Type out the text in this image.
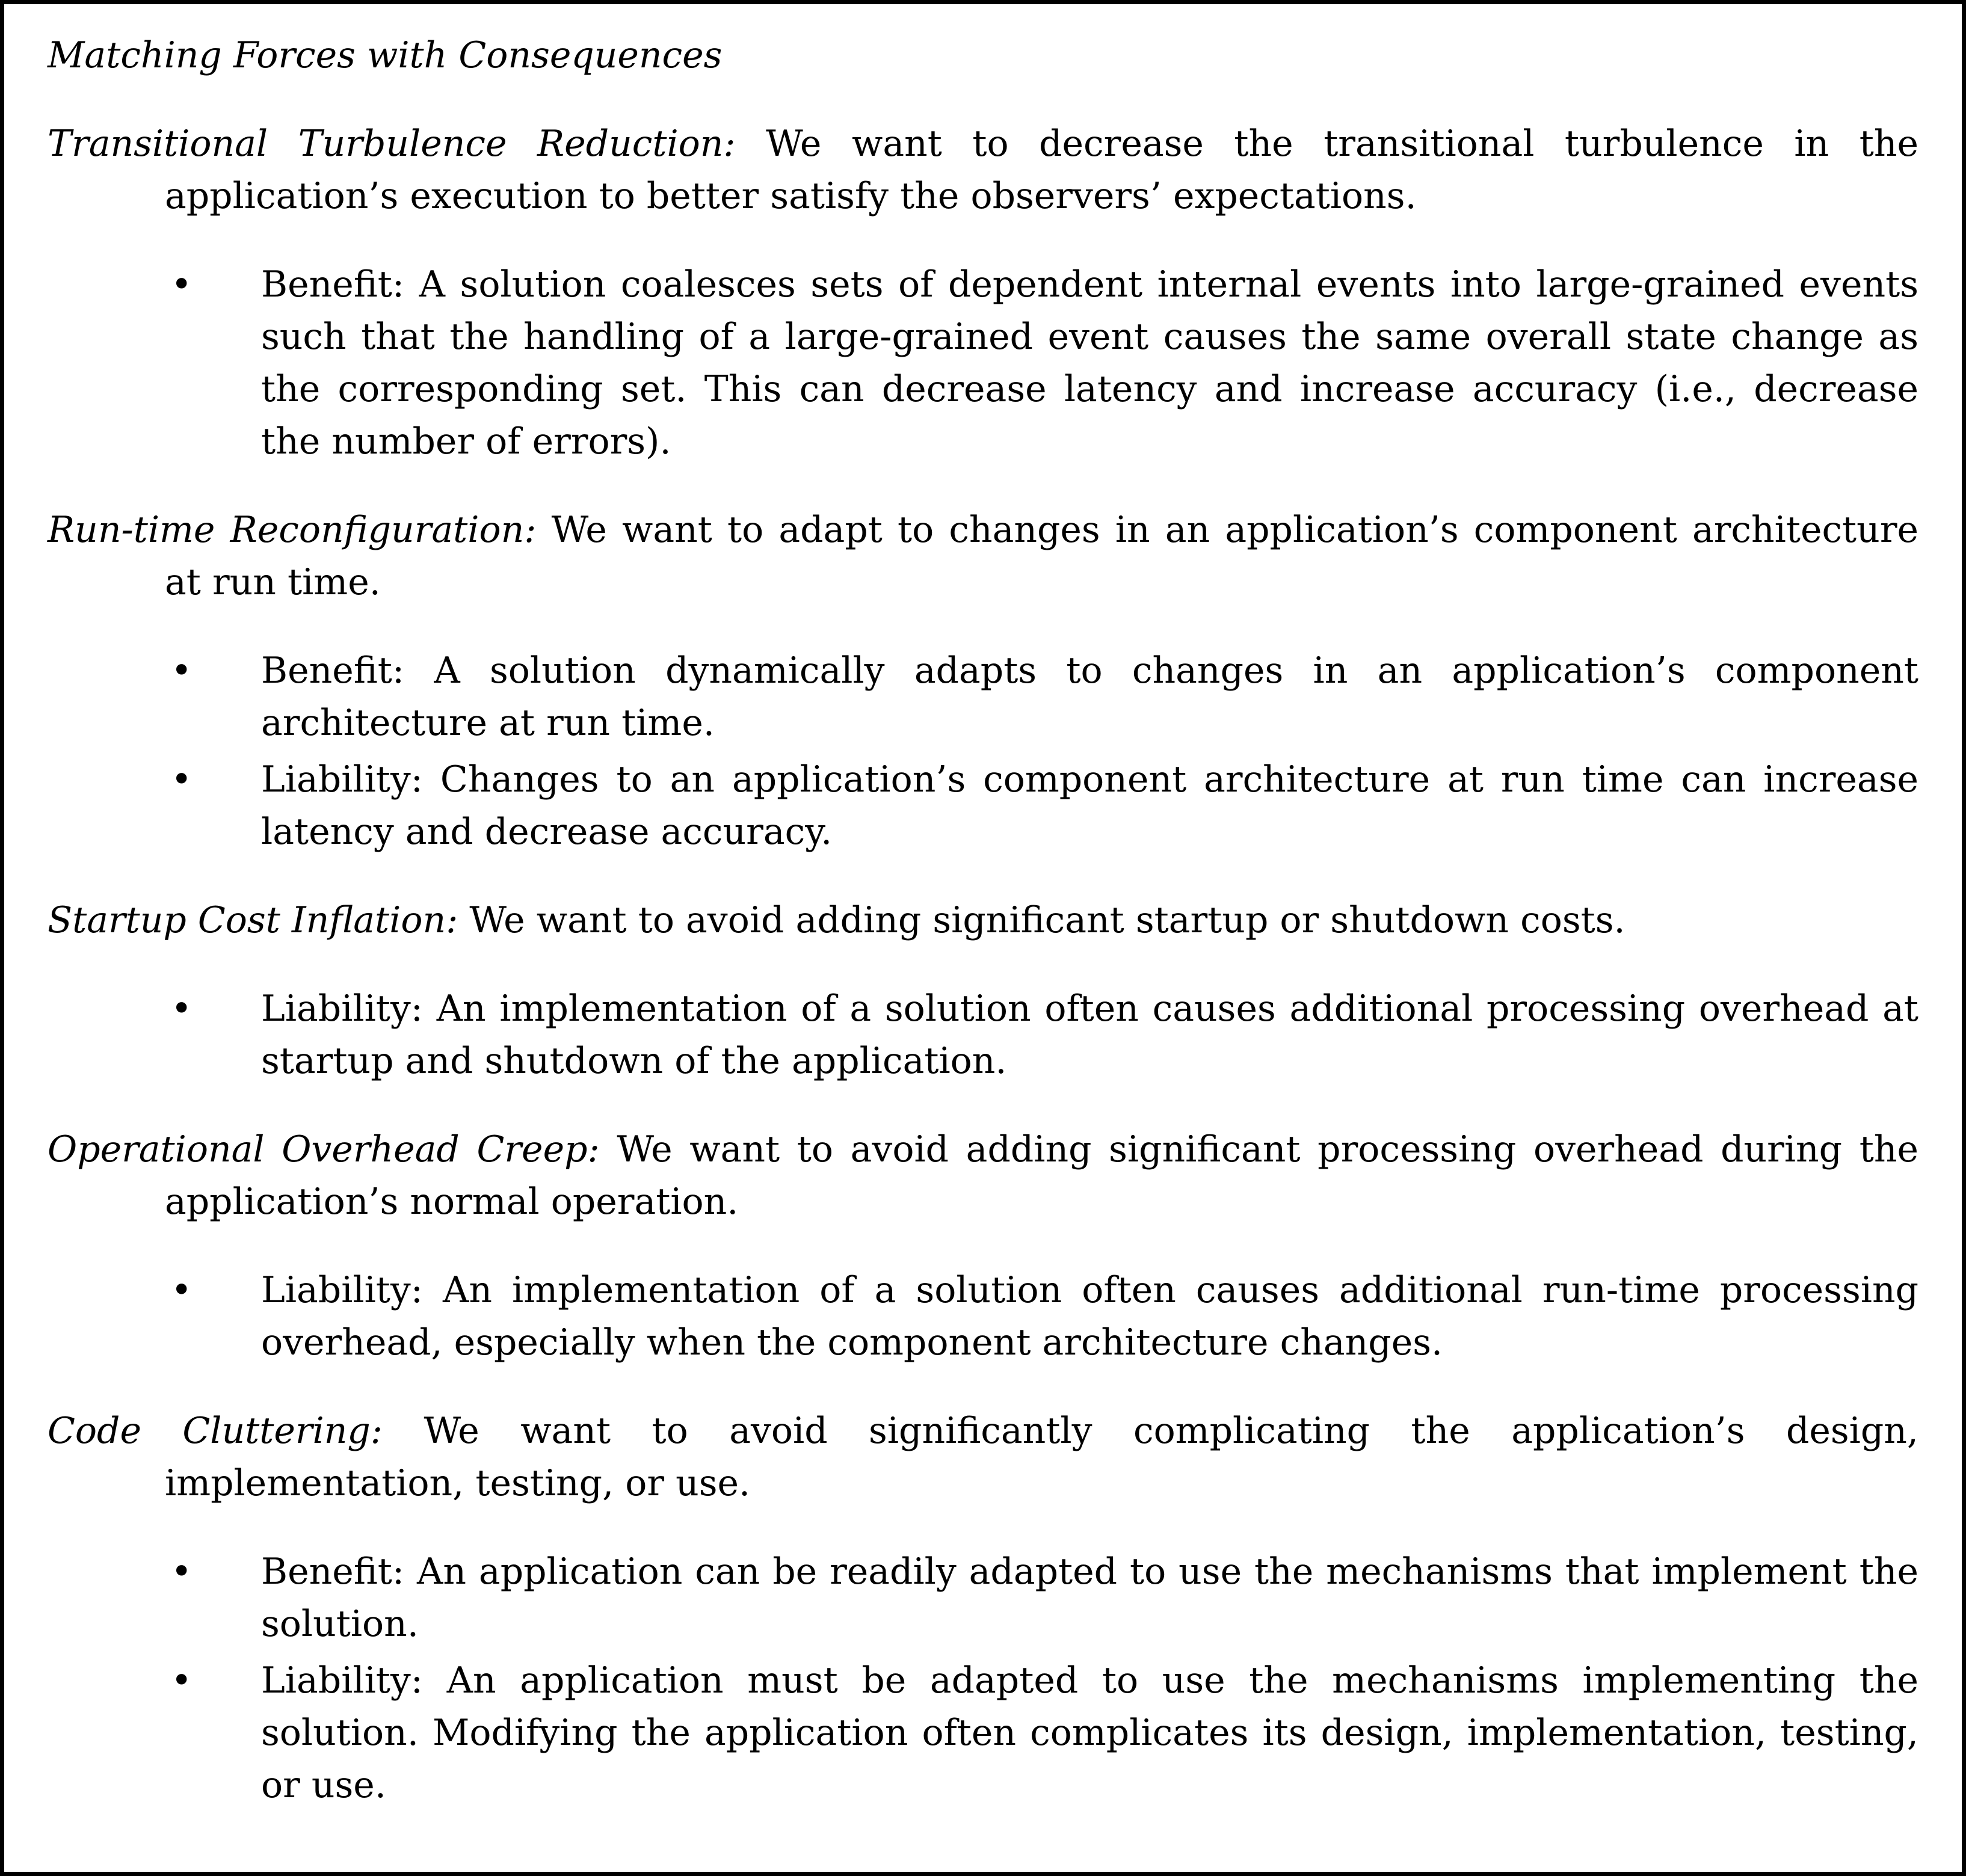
Matching Forces with Consequences

Transitional Turbulence Reduction: We want to decrease the transitional turbulence in the application’s execution to better satisfy the observers’ expectations.

• Benefit: A solution coalesces sets of dependent internal events into large-grained events such that the handling of a large-grained event causes the same overall state change as the corresponding set. This can decrease latency and increase accuracy (i.e., decrease the number of errors).

Run-time Reconfiguration: We want to adapt to changes in an application’s component architecture at run time.

• Benefit: A solution dynamically adapts to changes in an application’s component architecture at run time.
• Liability: Changes to an application’s component architecture at run time can increase latency and decrease accuracy.

Startup Cost Inflation: We want to avoid adding significant startup or shutdown costs.

• Liability: An implementation of a solution often causes additional processing overhead at startup and shutdown of the application.

Operational Overhead Creep: We want to avoid adding significant processing overhead during the application’s normal operation.

• Liability: An implementation of a solution often causes additional run-time processing overhead, especially when the component architecture changes.

Code Cluttering: We want to avoid significantly complicating the application’s design, implementation, testing, or use.

• Benefit: An application can be readily adapted to use the mechanisms that implement the solution.
• Liability: An application must be adapted to use the mechanisms implementing the solution. Modifying the application often complicates its design, implementation, testing, or use.
